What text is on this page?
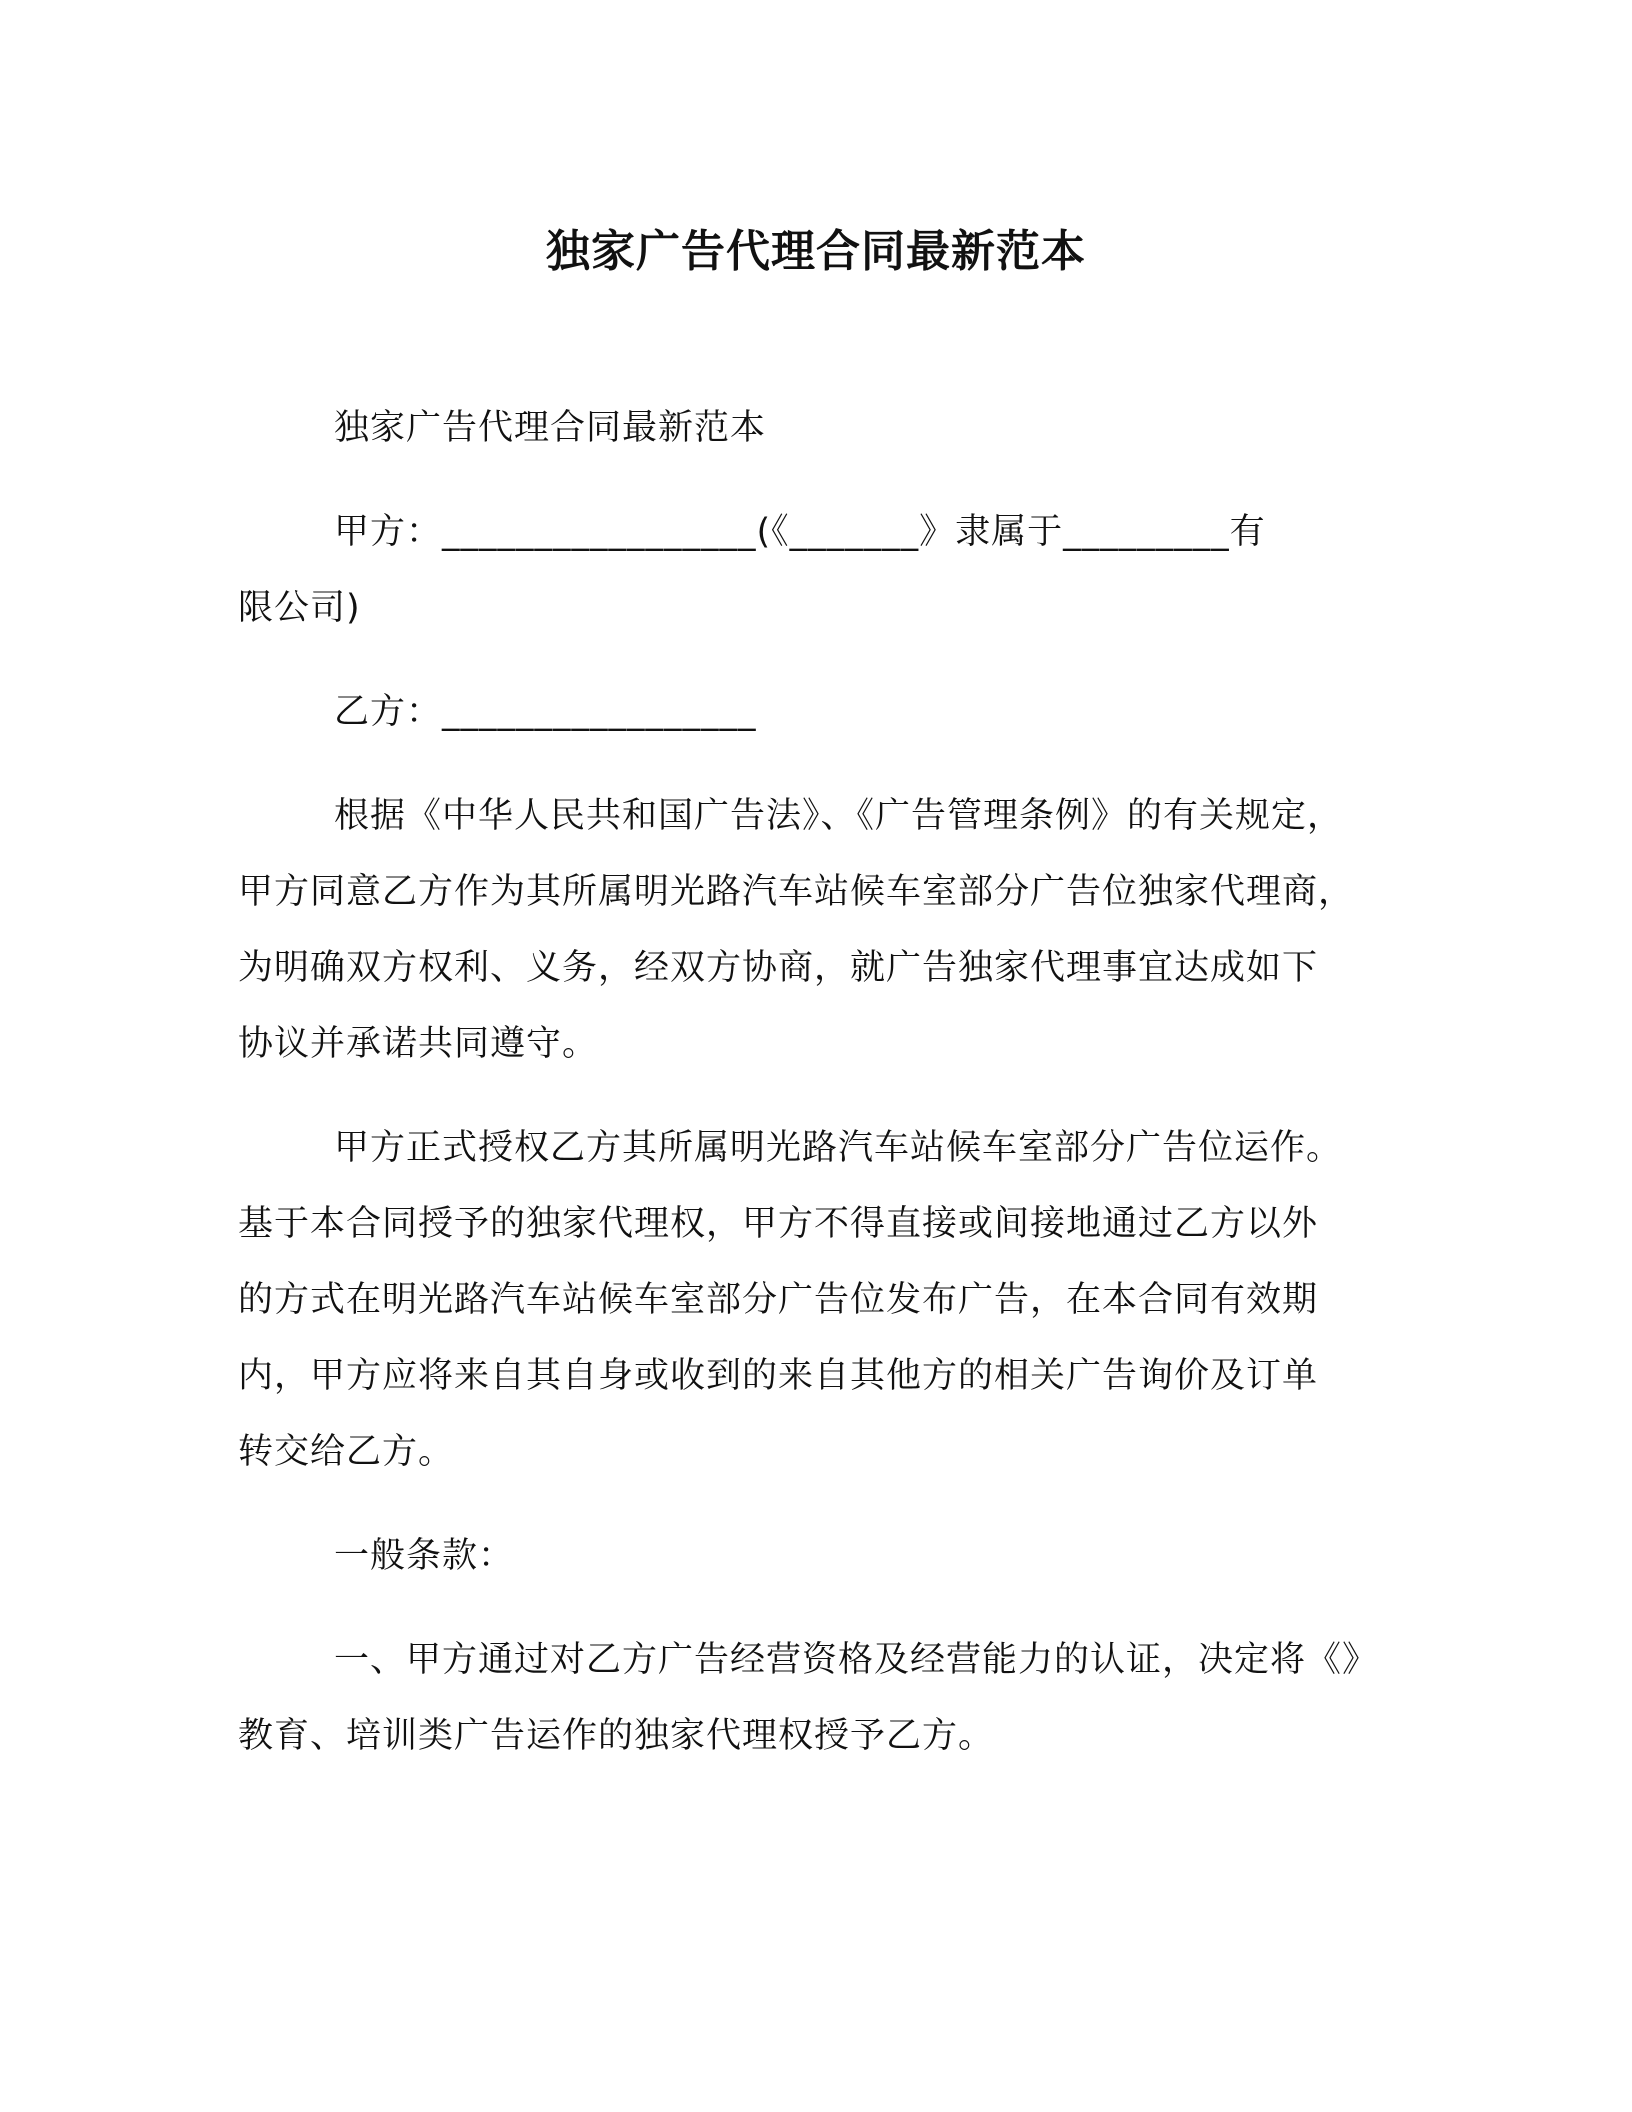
独家广告代理合同最新范本

独家广告代理合同最新范本

甲方：_________________(《_______》隶属于_________有
限公司)

乙方：_________________

根据《中华人民共和国广告法》、《广告管理条例》的有关规定，
甲方同意乙方作为其所属明光路汽车站候车室部分广告位独家代理商，
为明确双方权利、义务，经双方协商，就广告独家代理事宜达成如下
协议并承诺共同遵守。

甲方正式授权乙方其所属明光路汽车站候车室部分广告位运作。
基于本合同授予的独家代理权，甲方不得直接或间接地通过乙方以外
的方式在明光路汽车站候车室部分广告位发布广告，在本合同有效期
内，甲方应将来自其自身或收到的来自其他方的相关广告询价及订单
转交给乙方。

一般条款：

一、甲方通过对乙方广告经营资格及经营能力的认证，决定将《》
教育、培训类广告运作的独家代理权授予乙方。
